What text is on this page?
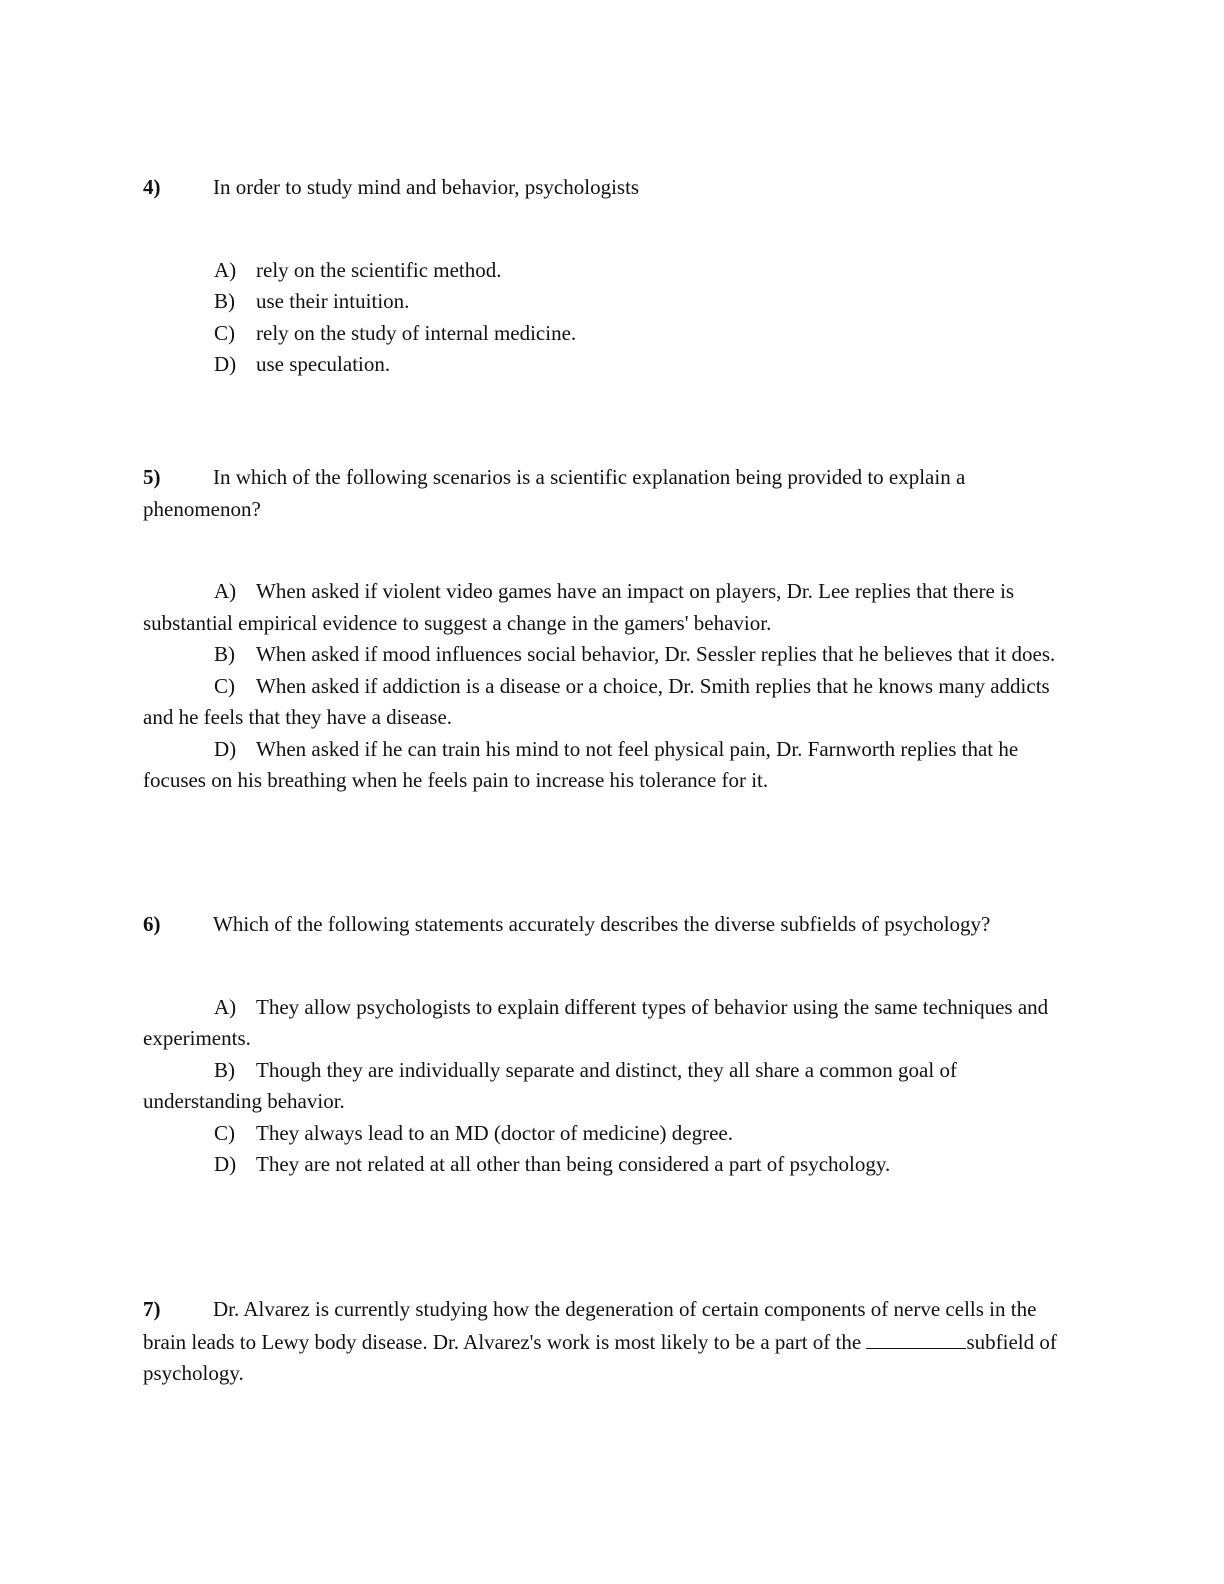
4)	In order to study mind and behavior, psychologists

A) rely on the scientific method.
B) use their intuition.
C) rely on the study of internal medicine.
D) use speculation.

5)	In which of the following scenarios is a scientific explanation being provided to explain a phenomenon?

A) When asked if violent video games have an impact on players, Dr. Lee replies that there is substantial empirical evidence to suggest a change in the gamers' behavior.
B) When asked if mood influences social behavior, Dr. Sessler replies that he believes that it does.
C) When asked if addiction is a disease or a choice, Dr. Smith replies that he knows many addicts and he feels that they have a disease.
D) When asked if he can train his mind to not feel physical pain, Dr. Farnworth replies that he focuses on his breathing when he feels pain to increase his tolerance for it.

6)	Which of the following statements accurately describes the diverse subfields of psychology?

A) They allow psychologists to explain different types of behavior using the same techniques and experiments.
B) Though they are individually separate and distinct, they all share a common goal of understanding behavior.
C) They always lead to an MD (doctor of medicine) degree.
D) They are not related at all other than being considered a part of psychology.

7)	Dr. Alvarez is currently studying how the degeneration of certain components of nerve cells in the brain leads to Lewy body disease. Dr. Alvarez's work is most likely to be a part of the	subfield of psychology.
